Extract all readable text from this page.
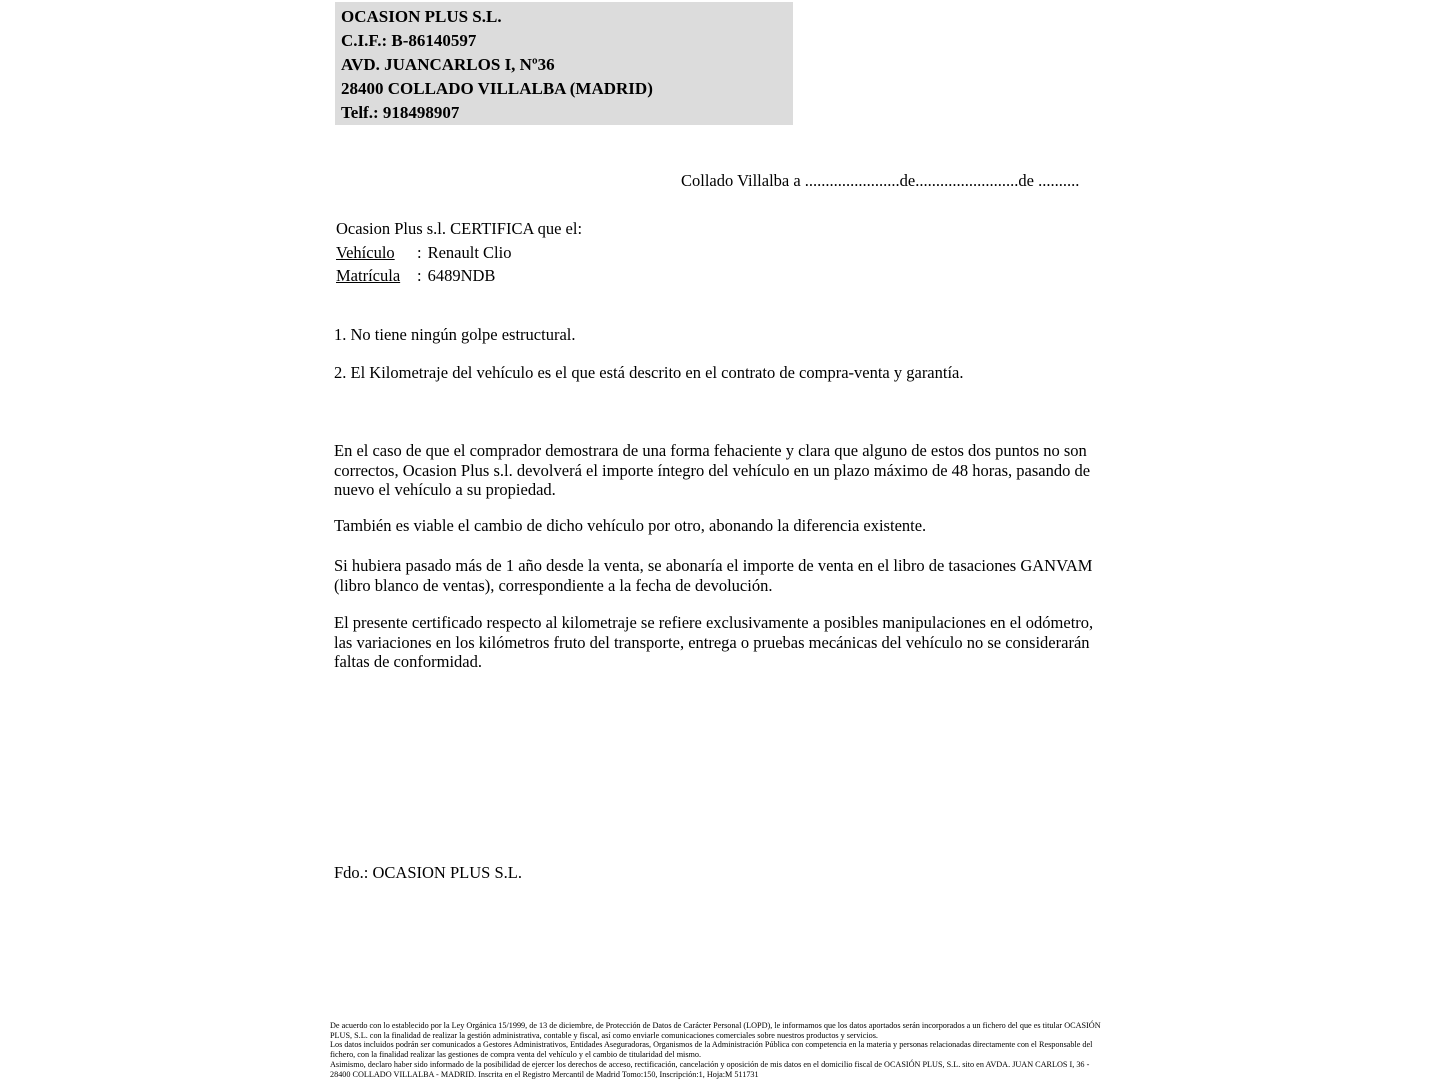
OCASION PLUS S.L.
C.I.F.: B-86140597
AVD. JUANCARLOS I, Nº36
28400 COLLADO VILLALBA (MADRID)
Telf.: 918498907
Collado Villalba a .......................de.........................de ..........
Ocasion Plus s.l. CERTIFICA que el:
Vehículo : Renault Clio
Matrícula : 6489NDB
1. No tiene ningún golpe estructural.
2. El Kilometraje del vehículo es el que está descrito en el contrato de compra-venta y garantía.
En el caso de que el comprador demostrara de una forma fehaciente y clara que alguno de estos dos puntos no son correctos, Ocasion Plus s.l. devolverá el importe íntegro del vehículo en un plazo máximo de 48 horas, pasando de nuevo el vehículo a su propiedad.
También es viable el cambio de dicho vehículo por otro, abonando la diferencia existente.
Si hubiera pasado más de 1 año desde la venta, se abonaría el importe de venta en el libro de tasaciones GANVAM (libro blanco de ventas), correspondiente a la fecha de devolución.
El presente certificado respecto al kilometraje se refiere exclusivamente a posibles manipulaciones en el odómetro, las variaciones en los kilómetros fruto del transporte, entrega o pruebas mecánicas del vehículo no se considerarán faltas de conformidad.
Fdo.: OCASION PLUS S.L.

De acuerdo con lo establecido por la Ley Orgánica 15/1999, de 13 de diciembre, de Protección de Datos de Carácter Personal (LOPD), le informamos que los datos aportados serán incorporados a un fichero del que es titular OCASIÓN PLUS, S.L. con la finalidad de realizar la gestión administrativa, contable y fiscal, así como enviarle comunicaciones comerciales sobre nuestros productos y servicios.

Los datos incluidos podrán ser comunicados a Gestores Administrativos, Entidades Aseguradoras, Organismos de la Administración Pública con competencia en la materia y personas relacionadas directamente con el Responsable del fichero, con la finalidad realizar las gestiones de compra venta del vehículo y el cambio de titularidad del mismo.

Asimismo, declaro haber sido informado de la posibilidad de ejercer los derechos de acceso, rectificación, cancelación y oposición de mis datos en el domicilio fiscal de OCASIÓN PLUS, S.L. sito en AVDA. JUAN CARLOS I, 36 - 28400 COLLADO VILLALBA - MADRID. Inscrita en el Registro Mercantil de Madrid Tomo:150, Inscripción:1, Hoja:M 511731
